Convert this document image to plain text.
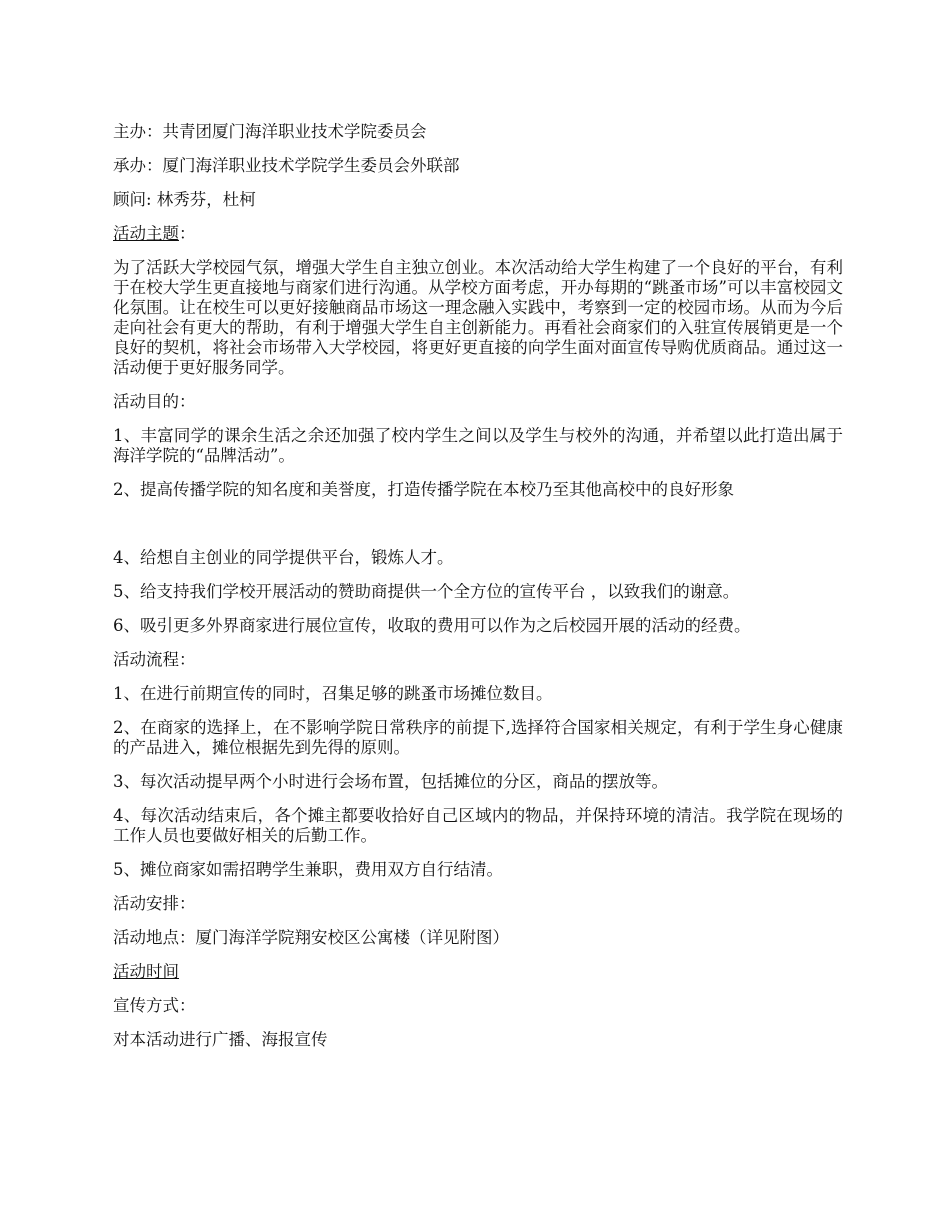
主办：共青团厦门海洋职业技术学院委员会

承办：厦门海洋职业技术学院学生委员会外联部

顾问: 林秀芬，杜柯

活动主题：

为了活跃大学校园气氛，增强大学生自主独立创业。本次活动给大学生构建了一个良好的平台，有利于在校大学生更直接地与商家们进行沟通。从学校方面考虑，开办每期的“跳蚤市场”可以丰富校园文化氛围。让在校生可以更好接触商品市场这一理念融入实践中，考察到一定的校园市场。从而为今后走向社会有更大的帮助，有利于增强大学生自主创新能力。再看社会商家们的入驻宣传展销更是一个良好的契机，将社会市场带入大学校园，将更好更直接的向学生面对面宣传导购优质商品。通过这一活动便于更好服务同学。

活动目的：

1、丰富同学的课余生活之余还加强了校内学生之间以及学生与校外的沟通，并希望以此打造出属于海洋学院的“品牌活动”。

2、提高传播学院的知名度和美誉度，打造传播学院在本校乃至其他高校中的良好形象

4、给想自主创业的同学提供平台，锻炼人才。

5、给支持我们学校开展活动的赞助商提供一个全方位的宣传平台 ，以致我们的谢意。

6、吸引更多外界商家进行展位宣传，收取的费用可以作为之后校园开展的活动的经费。

活动流程：

1、在进行前期宣传的同时，召集足够的跳蚤市场摊位数目。

2、在商家的选择上，在不影响学院日常秩序的前提下,选择符合国家相关规定，有利于学生身心健康的产品进入，摊位根据先到先得的原则。

3、每次活动提早两个小时进行会场布置，包括摊位的分区，商品的摆放等。

4、每次活动结束后，各个摊主都要收拾好自己区域内的物品，并保持环境的清洁。我学院在现场的工作人员也要做好相关的后勤工作。

5、摊位商家如需招聘学生兼职，费用双方自行结清。

活动安排：

活动地点：厦门海洋学院翔安校区公寓楼（详见附图）

活动时间

宣传方式：

对本活动进行广播、海报宣传
